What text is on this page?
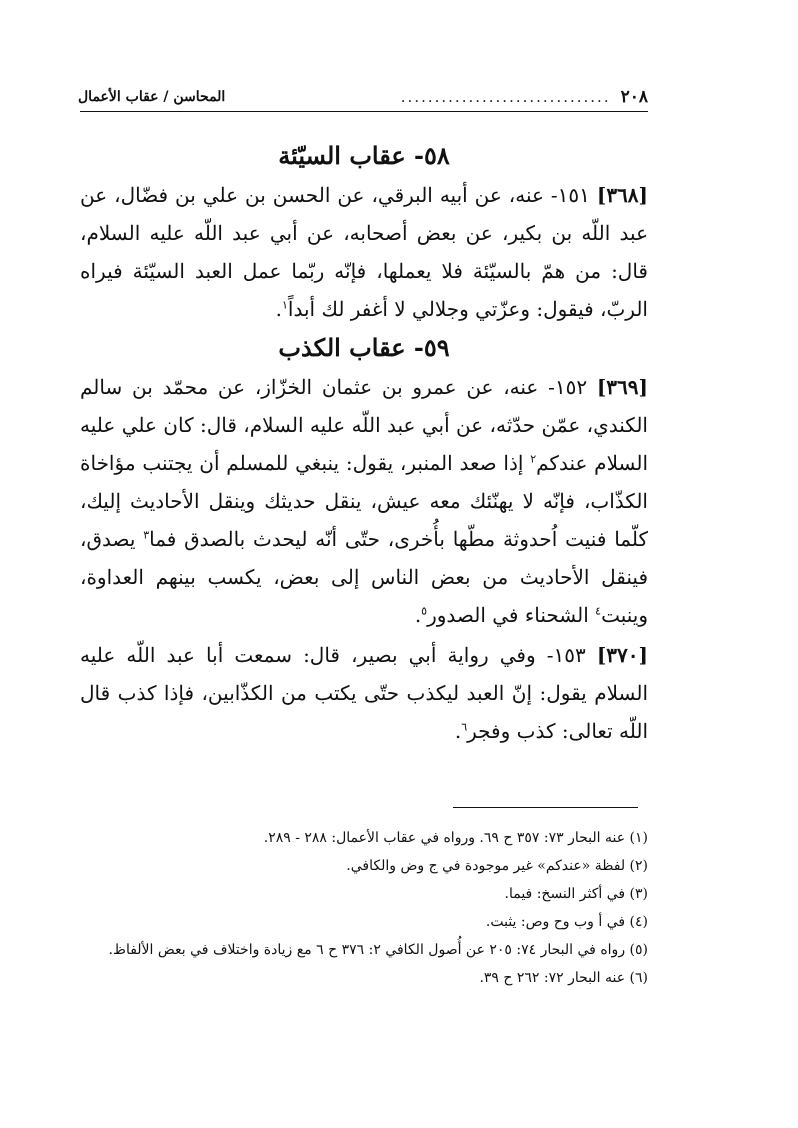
٢٠٨
...............................
المحاسن / عقاب الأعمال
٥٨- عقاب السيّئة
[٣٦٨] ١٥١- عنه، عن أبيه البرقي، عن الحسن بن علي بن فضّال، عن عبد اللّه بن بكير، عن بعض أصحابه، عن أبي عبد اللّه عليه السلام، قال: من همّ بالسيّئة فلا يعملها، فإنّه ربّما عمل العبد السيّئة فيراه الربّ، فيقول: وعزّتي وجلالي لا أغفر لك أبداً$^١$.
٥٩- عقاب الكذب
[٣٦٩] ١٥٢- عنه، عن عمرو بن عثمان الخزّاز، عن محمّد بن سالم الكندي، عمّن حدّثه، عن أبي عبد اللّه عليه السلام، قال: كان علي عليه السلام عندكم$^٢$ إذا صعد المنبر، يقول: ينبغي للمسلم أن يجتنب مؤاخاة الكذّاب، فإنّه لا يهنّئك معه عيش، ينقل حديثك وينقل الأحاديث إليك، كلّما فنيت اُحدوثة مطّها بأُخرى، حتّى أنّه ليحدث بالصدق فما$^٣$ يصدق، فينقل الأحاديث من بعض الناس إلى بعض، يكسب بينهم العداوة، وينبت$^٤$ الشحناء في الصدور$^٥$.
[٣٧٠] ١٥٣- وفي رواية أبي بصير، قال: سمعت أبا عبد اللّه عليه السلام يقول: إنّ العبد ليكذب حتّى يكتب من الكذّابين، فإذا كذب قال اللّه تعالى: كذب وفجر$^٦$.

(١) عنه البحار ٧٣: ٣٥٧ ح ٦٩. ورواه في عقاب الأعمال: ٢٨٨ - ٢٨٩.

(٢) لفظة «عندكم» غير موجودة في ج وض والكافي.

(٣) في أكثر النسخ: فيما.

(٤) في أ وب وح وص: يثبت.

(٥) رواه في البحار ٧٤: ٢٠٥ عن أُصول الكافي ٢: ٣٧٦ ح ٦ مع زيادة واختلاف في بعض الألفاظ.

(٦) عنه البحار ٧٢: ٢٦٢ ح ٣٩.
